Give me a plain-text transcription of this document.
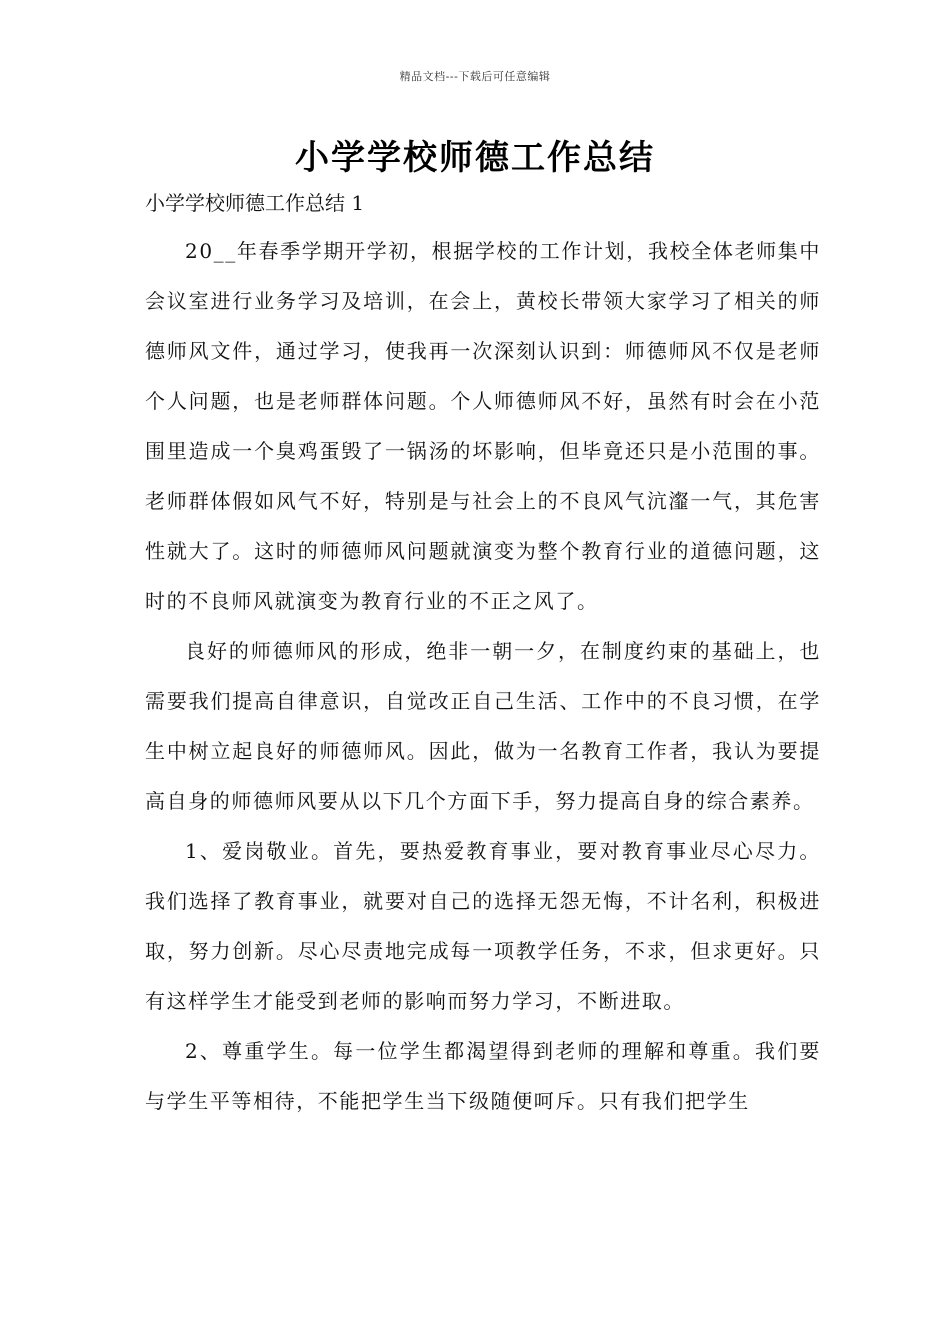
精品文档---下载后可任意编辑
小学学校师德工作总结
小学学校师德工作总结 1

20__年春季学期开学初，根据学校的工作计划，我校全体老师集中会议室进行业务学习及培训，在会上，黄校长带领大家学习了相关的师德师风文件，通过学习，使我再一次深刻认识到：师德师风不仅是老师个人问题，也是老师群体问题。个人师德师风不好，虽然有时会在小范围里造成一个臭鸡蛋毁了一锅汤的坏影响，但毕竟还只是小范围的事。老师群体假如风气不好，特别是与社会上的不良风气沆瀣一气，其危害性就大了。这时的师德师风问题就演变为整个教育行业的道德问题，这时的不良师风就演变为教育行业的不正之风了。

良好的师德师风的形成，绝非一朝一夕，在制度约束的基础上，也需要我们提高自律意识，自觉改正自己生活、工作中的不良习惯，在学生中树立起良好的师德师风。因此，做为一名教育工作者，我认为要提高自身的师德师风要从以下几个方面下手，努力提高自身的综合素养。

1、爱岗敬业。首先，要热爱教育事业，要对教育事业尽心尽力。我们选择了教育事业，就要对自己的选择无怨无悔，不计名利，积极进取，努力创新。尽心尽责地完成每一项教学任务，不求，但求更好。只有这样学生才能受到老师的影响而努力学习，不断进取。

2、尊重学生。每一位学生都渴望得到老师的理解和尊重。我们要与学生平等相待，不能把学生当下级随便呵斥。只有我们把学生
